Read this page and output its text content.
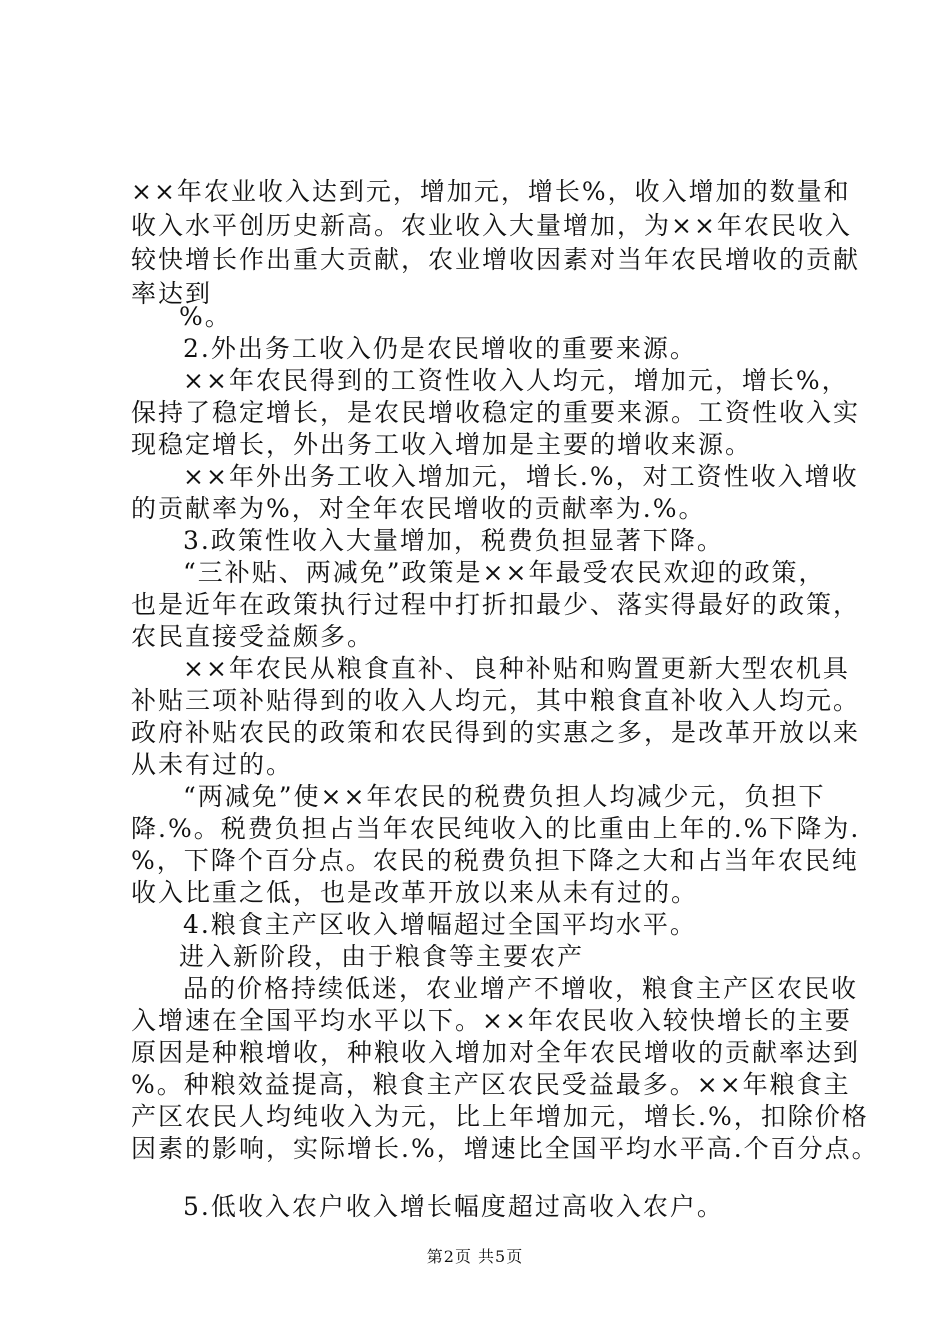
××年农业收入达到元，增加元，增长%，收入增加的数量和
收入水平创历史新高。农业收入大量增加，为××年农民收入
较快增长作出重大贡献，农业增收因素对当年农民增收的贡献
率达到
%。
2.外出务工收入仍是农民增收的重要来源。
××年农民得到的工资性收入人均元，增加元，增长%，
保持了稳定增长，是农民增收稳定的重要来源。工资性收入实
现稳定增长，外出务工收入增加是主要的增收来源。
××年外出务工收入增加元，增长.%，对工资性收入增收
的贡献率为%，对全年农民增收的贡献率为.%。
3.政策性收入大量增加，税费负担显著下降。
“三补贴、两减免”政策是××年最受农民欢迎的政策，
也是近年在政策执行过程中打折扣最少、落实得最好的政策，
农民直接受益颇多。
××年农民从粮食直补、良种补贴和购置更新大型农机具
补贴三项补贴得到的收入人均元，其中粮食直补收入人均元。
政府补贴农民的政策和农民得到的实惠之多，是改革开放以来
从未有过的。
“两减免”使××年农民的税费负担人均减少元，负担下
降.%。税费负担占当年农民纯收入的比重由上年的.%下降为.
%，下降个百分点。农民的税费负担下降之大和占当年农民纯
收入比重之低，也是改革开放以来从未有过的。
4.粮食主产区收入增幅超过全国平均水平。
进入新阶段，由于粮食等主要农产
品的价格持续低迷，农业增产不增收，粮食主产区农民收
入增速在全国平均水平以下。××年农民收入较快增长的主要
原因是种粮增收，种粮收入增加对全年农民增收的贡献率达到
%。种粮效益提高，粮食主产区农民受益最多。××年粮食主
产区农民人均纯收入为元，比上年增加元，增长.%，扣除价格
因素的影响，实际增长.%，增速比全国平均水平高.个百分点。
5.低收入农户收入增长幅度超过高收入农户。
第2页 共5页
